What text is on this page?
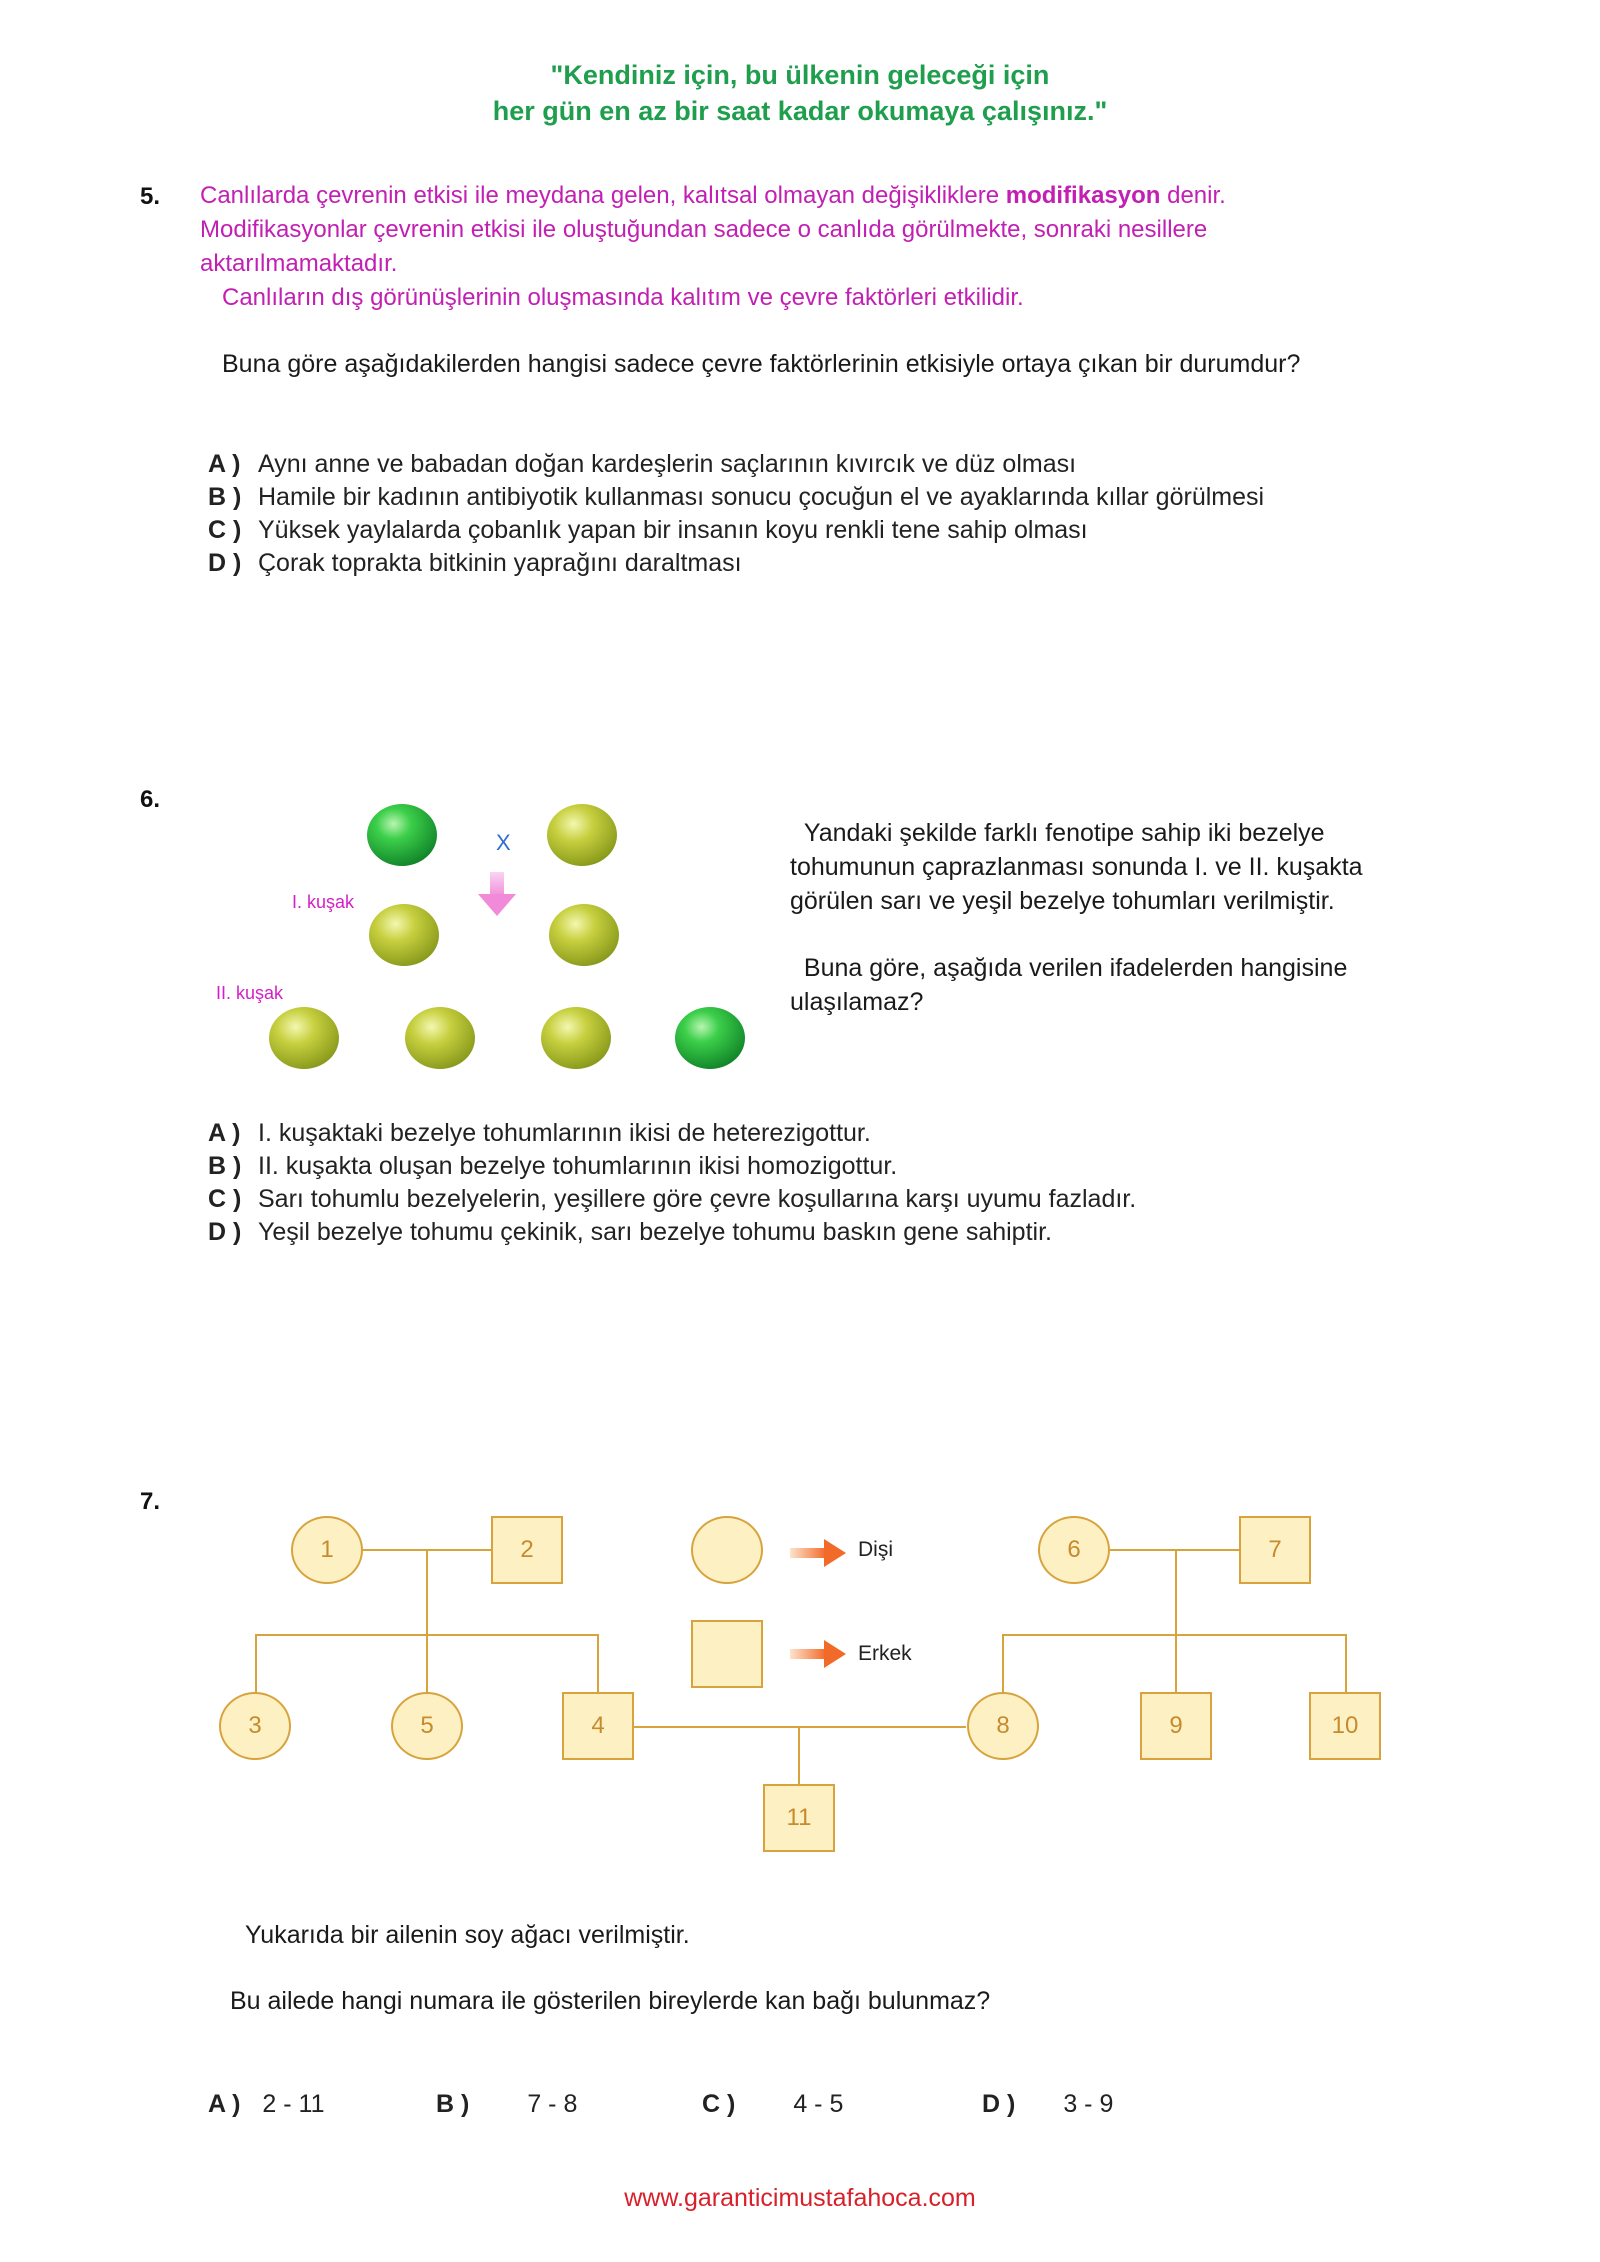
"Kendiniz için, bu ülkenin geleceği için
her gün en az bir saat kadar okumaya çalışınız."
5. Canlılarda çevrenin etkisi ile meydana gelen, kalıtsal olmayan değişikliklere modifikasyon denir.
Modifikasyonlar çevrenin etkisi ile oluştuğundan sadece o canlıda görülmekte, sonraki nesillere
aktarılmamaktadır.
Canlıların dış görünüşlerinin oluşmasında kalıtım ve çevre faktörleri etkilidir.
Buna göre aşağıdakilerden hangisi sadece çevre faktörlerinin etkisiyle ortaya çıkan bir durumdur?
A ) Aynı anne ve babadan doğan kardeşlerin saçlarının kıvırcık ve düz olması
B ) Hamile bir kadının antibiyotik kullanması sonucu çocuğun el ve ayaklarında kıllar görülmesi
C ) Yüksek yaylalarda çobanlık yapan bir insanın koyu renkli tene sahip olması
D ) Çorak toprakta bitkinin yaprağını daraltması
6.
X
I. kuşak
II. kuşak
Yandaki şekilde farklı fenotipe sahip iki bezelye
tohumunun çaprazlanması sonunda I. ve II. kuşakta
görülen sarı ve yeşil bezelye tohumları verilmiştir.
Buna göre, aşağıda verilen ifadelerden hangisine
ulaşılamaz?
A ) I. kuşaktaki bezelye tohumlarının ikisi de heterezigottur.
B ) II. kuşakta oluşan bezelye tohumlarının ikisi homozigottur.
C ) Sarı tohumlu bezelyelerin, yeşillere göre çevre koşullarına karşı uyumu fazladır.
D ) Yeşil bezelye tohumu çekinik, sarı bezelye tohumu baskın gene sahiptir.
7.
1	2	6	7
3	5	4	8	9	10
11
Dişi
Erkek
Yukarıda bir ailenin soy ağacı verilmiştir.
Bu ailede hangi numara ile gösterilen bireylerde kan bağı bulunmaz?
A ) 2 - 11	B ) 7 - 8	C ) 4 - 5	D ) 3 - 9
www.garanticimustafahoca.com
